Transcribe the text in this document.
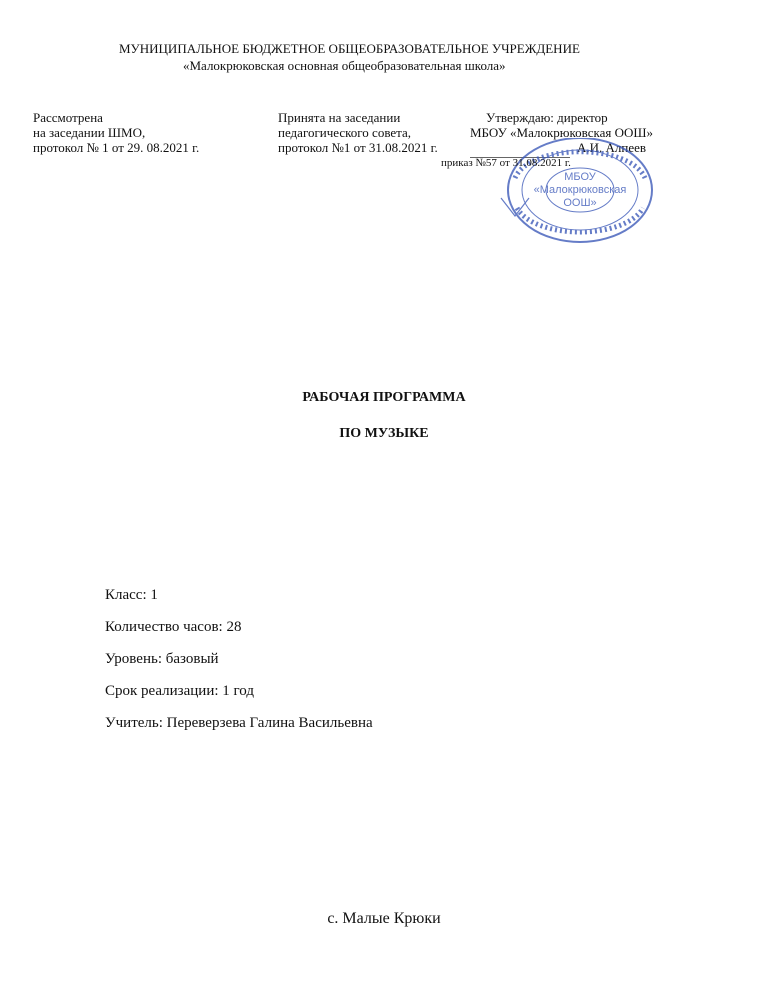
МУНИЦИПАЛЬНОЕ БЮДЖЕТНОЕ ОБЩЕОБРАЗОВАТЕЛЬНОЕ УЧРЕЖДЕНИЕ
«Малокрюковская основная общеобразовательная школа»
Рассмотрена
на заседании ШМО,
протокол № 1 от 29. 08.2021 г.
Принята на заседании
педагогического совета,
протокол №1 от 31.08.2021 г.
Утверждаю: директор
МБОУ «Малокрюковская ООШ»
А.И. Алпеев
МБОУ
«Малокрюковская
ООШ»
приказ №57 от 31.08.2021 г.
РАБОЧАЯ ПРОГРАММА
ПО МУЗЫКЕ
Класс: 1
Количество часов: 28
Уровень: базовый
Срок реализации: 1 год
Учитель: Переверзева Галина Васильевна
с. Малые Крюки
